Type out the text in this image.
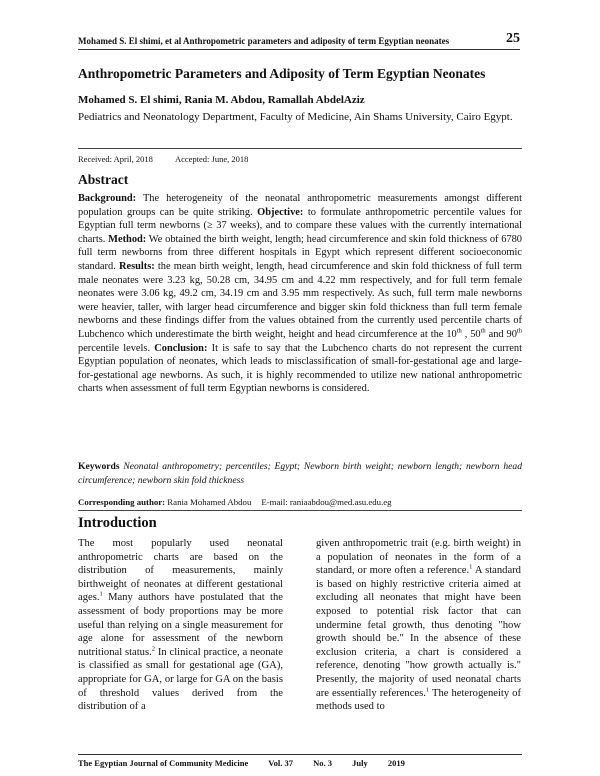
Mohamed S. El shimi, et al Anthropometric parameters and adiposity of term Egyptian neonates	25
Anthropometric Parameters and Adiposity of Term Egyptian Neonates
Mohamed S. El shimi, Rania M. Abdou, Ramallah AbdelAziz
Pediatrics and Neonatology Department, Faculty of Medicine, Ain Shams University, Cairo Egypt.
Received: April, 2018	Accepted: June, 2018
Abstract
Background: The heterogeneity of the neonatal anthropometric measurements amongst different population groups can be quite striking. Objective: to formulate anthropometric percentile values for Egyptian full term newborns (≥ 37 weeks), and to compare these values with the currently international charts. Method: We obtained the birth weight, length; head circumference and skin fold thickness of 6780 full term newborns from three different hospitals in Egypt which represent different socioeconomic standard. Results: the mean birth weight, length, head circumference and skin fold thickness of full term male neonates were 3.23 kg, 50.28 cm, 34.95 cm and 4.22 mm respectively, and for full term female neonates were 3.06 kg, 49.2 cm, 34.19 cm and 3.95 mm respectively. As such, full term male newborns were heavier, taller, with larger head circumference and bigger skin fold thickness than full term female newborns and these findings differ from the values obtained from the currently used percentile charts of Lubchenco which underestimate the birth weight, height and head circumference at the 10th , 50th and 90th percentile levels. Conclusion: It is safe to say that the Lubchenco charts do not represent the current Egyptian population of neonates, which leads to misclassification of small-for-gestational age and large-for-gestational age newborns. As such, it is highly recommended to utilize new national anthropometric charts when assessment of full term Egyptian newborns is considered.
Keywords Neonatal anthropometry; percentiles; Egypt; Newborn birth weight; newborn length; newborn head circumference; newborn skin fold thickness
Corresponding author: Rania Mohamed Abdou E-mail: raniaabdou@med.asu.edu.eg
Introduction
The most popularly used neonatal anthropometric charts are based on the distribution of measurements, mainly birthweight of neonates at different gestational ages.$^1$ Many authors have postulated that the assessment of body proportions may be more useful than relying on a single measurement for age alone for assessment of the newborn nutritional status.$^2$ In clinical practice, a neonate is classified as small for gestational age (GA), appropriate for GA, or large for GA on the basis of threshold values derived from the distribution of a
given anthropometric trait (e.g. birth weight) in a population of neonates in the form of a standard, or more often a reference.$^1$ A standard is based on highly restrictive criteria aimed at excluding all neonates that might have been exposed to potential risk factor that can undermine fetal growth, thus denoting "how growth should be." In the absence of these exclusion criteria, a chart is considered a reference, denoting "how growth actually is." Presently, the majority of used neonatal charts are essentially references.$^1$ The heterogeneity of methods used to
The Egyptian Journal of Community Medicine Vol. 37 No. 3 July 2019
